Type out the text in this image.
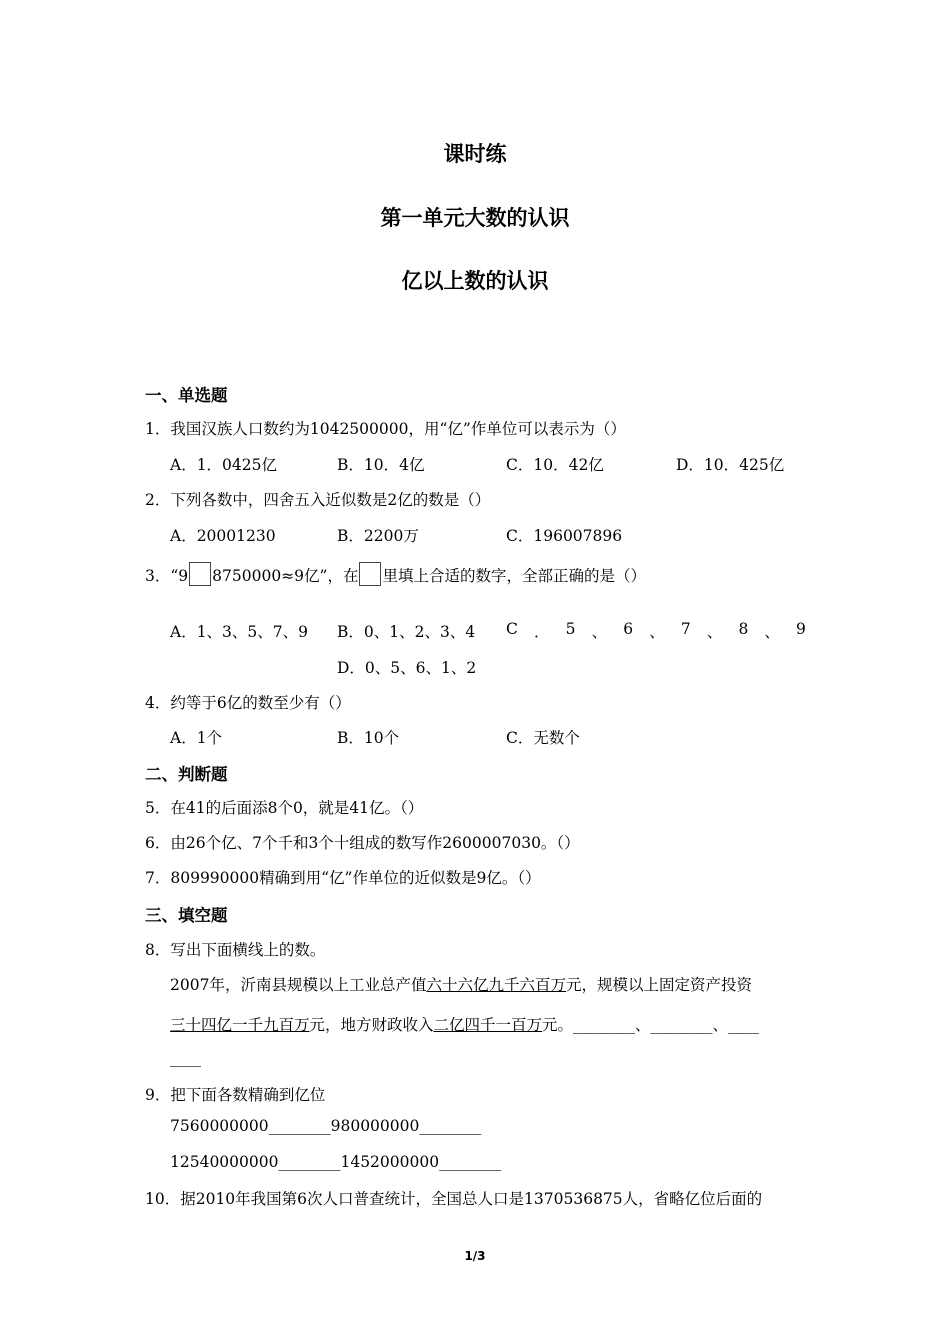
课时练
第一单元大数的认识
亿以上数的认识
一、单选题
1．我国汉族人口数约为1042500000，用“亿”作单位可以表示为（）
A．1．0425亿	B．10．4亿	C．10．42亿	D．10．425亿
2．下列各数中，四舍五入近似数是2亿的数是（）
A．20001230	B．2200万	C．196007896
3．“9 8750000≈9亿”，在 里填上合适的数字，全部正确的是（）
A．1、3、5、7、9 B．0、1、2、3、4 C ． 5 、 6 、 7 、 8 、 9
D．0、5、6、1、2
4．约等于6亿的数至少有（）
A．1个	B．10个	C．无数个
二、判断题
5．在41的后面添8个0，就是41亿。（）
6．由26个亿、7个千和3个十组成的数写作2600007030。（）
7．809990000精确到用“亿”作单位的近似数是9亿。（）
三、填空题
8．写出下面横线上的数。
2007年，沂南县规模以上工业总产值六十六亿九千六百万元，规模以上固定资产投资
三十四亿一千九百万元，地方财政收入二亿四千一百万元。________、________、____
____
9．把下面各数精确到亿位
7560000000________980000000________
12540000000________1452000000________
10．据2010年我国第6次人口普查统计，全国总人口是1370536875人，省略亿位后面的
1/3
